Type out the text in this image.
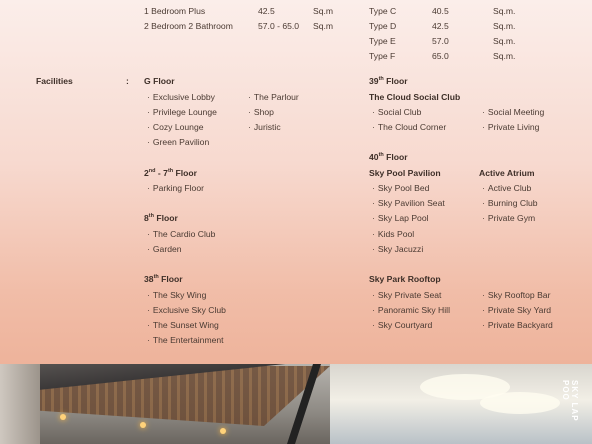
1 Bedroom Plus	42.5	Sq.m
2 Bedroom 2 Bathroom	57.0 - 65.0 Sq.m
Type C	40.5	Sq.m.
Type D	42.5	Sq.m.
Type E	57.0	Sq.m.
Type F	65.0	Sq.m.
Facilities	: G Floor
· Exclusive Lobby
· Privilege Lounge
· Cozy Lounge
· Green Pavilion
· The Parlour
· Shop
· Juristic
2nd - 7th Floor
· Parking Floor
8th Floor
· The Cardio Club
· Garden
38th Floor
· The Sky Wing
· Exclusive Sky Club
· The Sunset Wing
· The Entertainment
39th Floor
The Cloud Social Club
· Social Club
· The Cloud Corner
· Social Meeting
· Private Living
40th Floor
Sky Pool Pavilion
· Sky Pool Bed
· Sky Pavilion Seat
· Sky Lap Pool
· Kids Pool
· Sky Jacuzzi
Active Atrium
· Active Club
· Burning Club
· Private Gym
Sky Park Rooftop
· Sky Private Seat
· Panoramic Sky Hill
· Sky Courtyard
· Sky Rooftop Bar
· Private Sky Yard
· Private Backyard
SKY LAP POO
